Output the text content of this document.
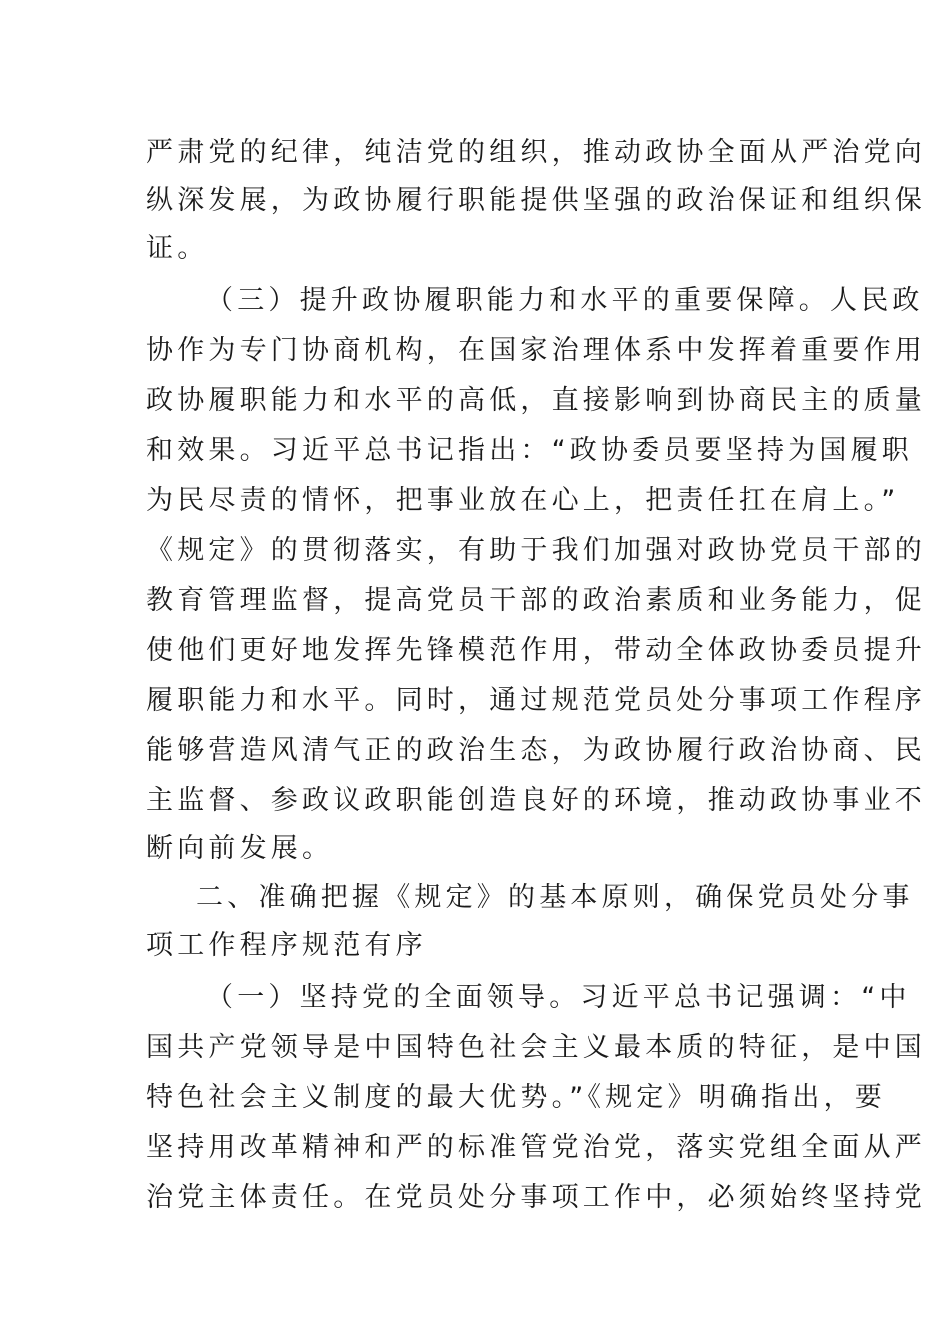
严肃党的纪律，纯洁党的组织，推动政协全面从严治党向
纵深发展，为政协履行职能提供坚强的政治保证和组织保
证。
（三）提升政协履职能力和水平的重要保障。人民政
协作为专门协商机构，在国家治理体系中发挥着重要作用
政协履职能力和水平的高低，直接影响到协商民主的质量
和效果。习近平总书记指出：“政协委员要坚持为国履职
为民尽责的情怀，把事业放在心上，把责任扛在肩上。”
《规定》的贯彻落实，有助于我们加强对政协党员干部的
教育管理监督，提高党员干部的政治素质和业务能力，促
使他们更好地发挥先锋模范作用，带动全体政协委员提升
履职能力和水平。同时，通过规范党员处分事项工作程序
能够营造风清气正的政治生态，为政协履行政治协商、民
主监督、参政议政职能创造良好的环境，推动政协事业不
断向前发展。
二、准确把握《规定》的基本原则，确保党员处分事
项工作程序规范有序
（一）坚持党的全面领导。习近平总书记强调：“中
国共产党领导是中国特色社会主义最本质的特征，是中国
特色社会主义制度的最大优势。”《规定》明确指出，要
坚持用改革精神和严的标准管党治党，落实党组全面从严
治党主体责任。在党员处分事项工作中，必须始终坚持党
